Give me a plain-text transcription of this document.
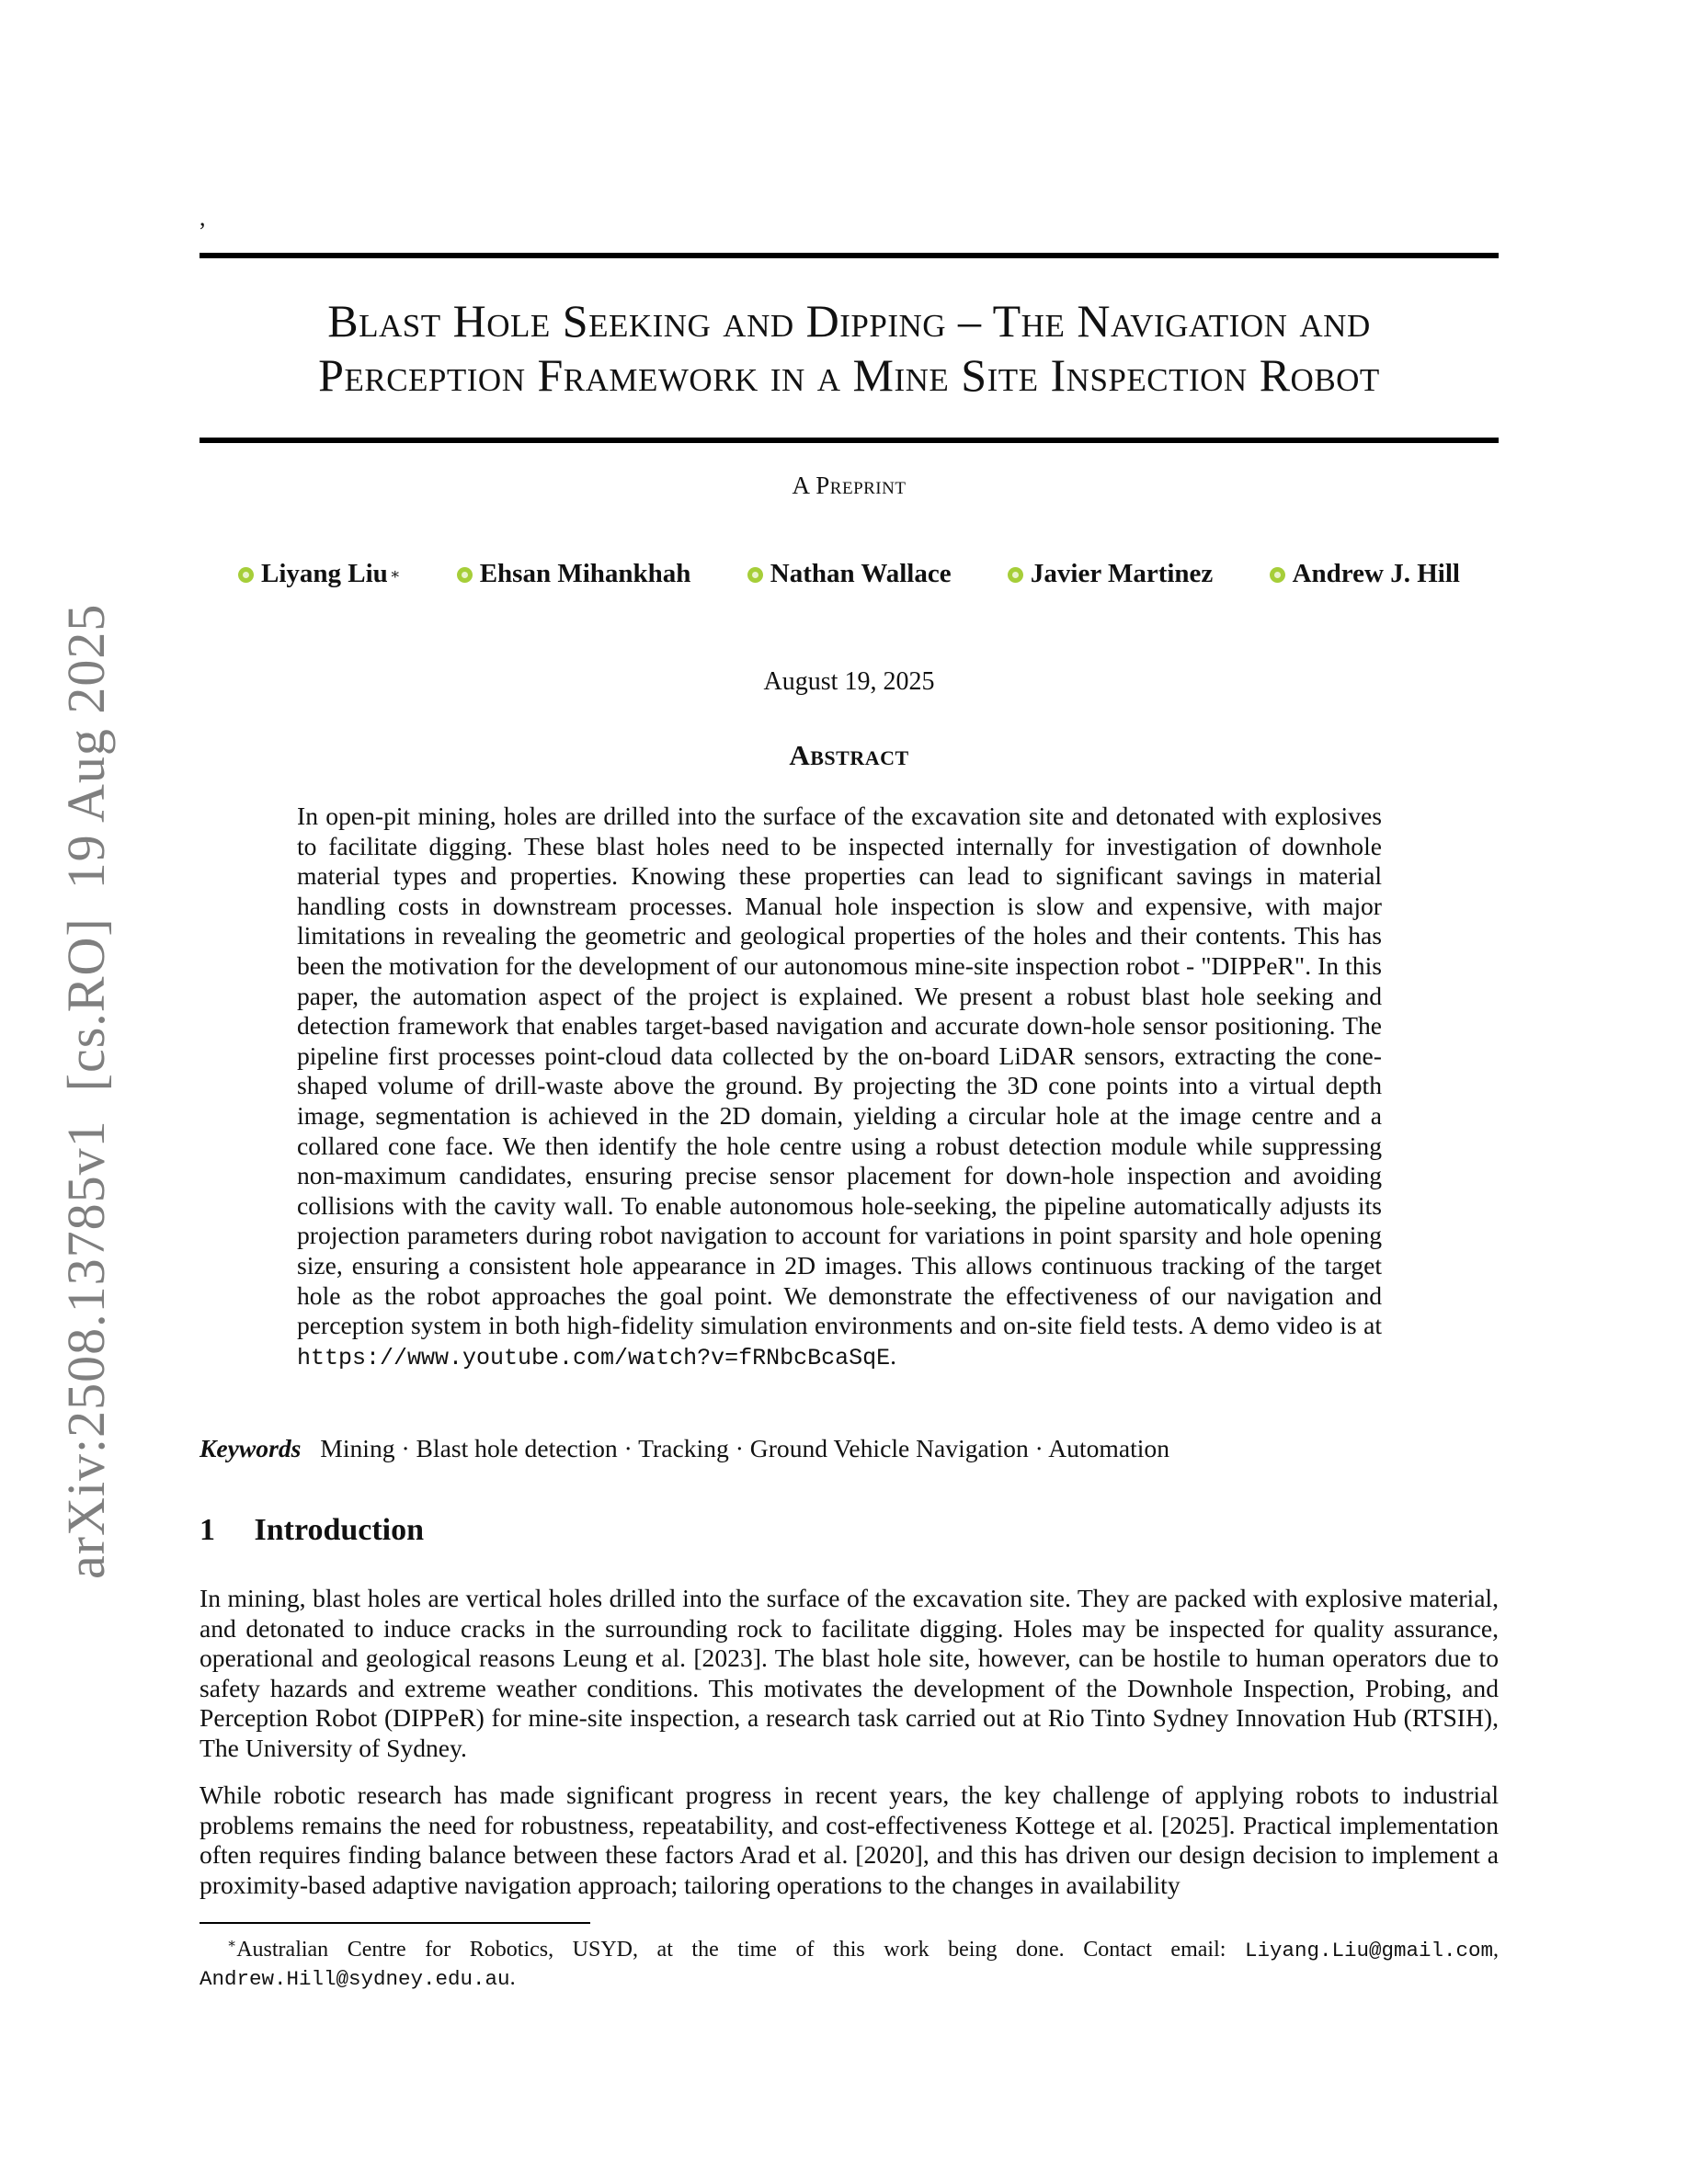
,
Blast Hole Seeking and Dipping – The Navigation and
Perception Framework in a Mine Site Inspection Robot
A Preprint
Liyang Liu ∗	Ehsan Mihankhah	Nathan Wallace	Javier Martinez	Andrew J. Hill
August 19, 2025
Abstract
In open-pit mining, holes are drilled into the surface of the excavation site and detonated with explosives to facilitate digging. These blast holes need to be inspected internally for investigation of downhole material types and properties. Knowing these properties can lead to significant savings in material handling costs in downstream processes. Manual hole inspection is slow and expensive, with major limitations in revealing the geometric and geological properties of the holes and their contents. This has been the motivation for the development of our autonomous mine-site inspection robot - "DIPPeR". In this paper, the automation aspect of the project is explained. We present a robust blast hole seeking and detection framework that enables target-based navigation and accurate down-hole sensor positioning. The pipeline first processes point-cloud data collected by the on-board LiDAR sensors, extracting the cone-shaped volume of drill-waste above the ground. By projecting the 3D cone points into a virtual depth image, segmentation is achieved in the 2D domain, yielding a circular hole at the image centre and a collared cone face. We then identify the hole centre using a robust detection module while suppressing non-maximum candidates, ensuring precise sensor placement for down-hole inspection and avoiding collisions with the cavity wall. To enable autonomous hole-seeking, the pipeline automatically adjusts its projection parameters during robot navigation to account for variations in point sparsity and hole opening size, ensuring a consistent hole appearance in 2D images. This allows continuous tracking of the target hole as the robot approaches the goal point. We demonstrate the effectiveness of our navigation and perception system in both high-fidelity simulation environments and on-site field tests. A demo video is at https://www.youtube.com/watch?v=fRNbcBcaSqE.
Keywords Mining · Blast hole detection · Tracking · Ground Vehicle Navigation · Automation
1 Introduction
In mining, blast holes are vertical holes drilled into the surface of the excavation site. They are packed with explosive material, and detonated to induce cracks in the surrounding rock to facilitate digging. Holes may be inspected for quality assurance, operational and geological reasons Leung et al. [2023]. The blast hole site, however, can be hostile to human operators due to safety hazards and extreme weather conditions. This motivates the development of the Downhole Inspection, Probing, and Perception Robot (DIPPeR) for mine-site inspection, a research task carried out at Rio Tinto Sydney Innovation Hub (RTSIH), The University of Sydney.
While robotic research has made significant progress in recent years, the key challenge of applying robots to industrial problems remains the need for robustness, repeatability, and cost-effectiveness Kottege et al. [2025]. Practical implementation often requires finding balance between these factors Arad et al. [2020], and this has driven our design decision to implement a proximity-based adaptive navigation approach; tailoring operations to the changes in availability
∗Australian Centre for Robotics, USYD, at the time of this work being done. Contact email: Liyang.Liu@gmail.com, Andrew.Hill@sydney.edu.au.
arXiv:2508.13785v1  [cs.RO]  19 Aug 2025
